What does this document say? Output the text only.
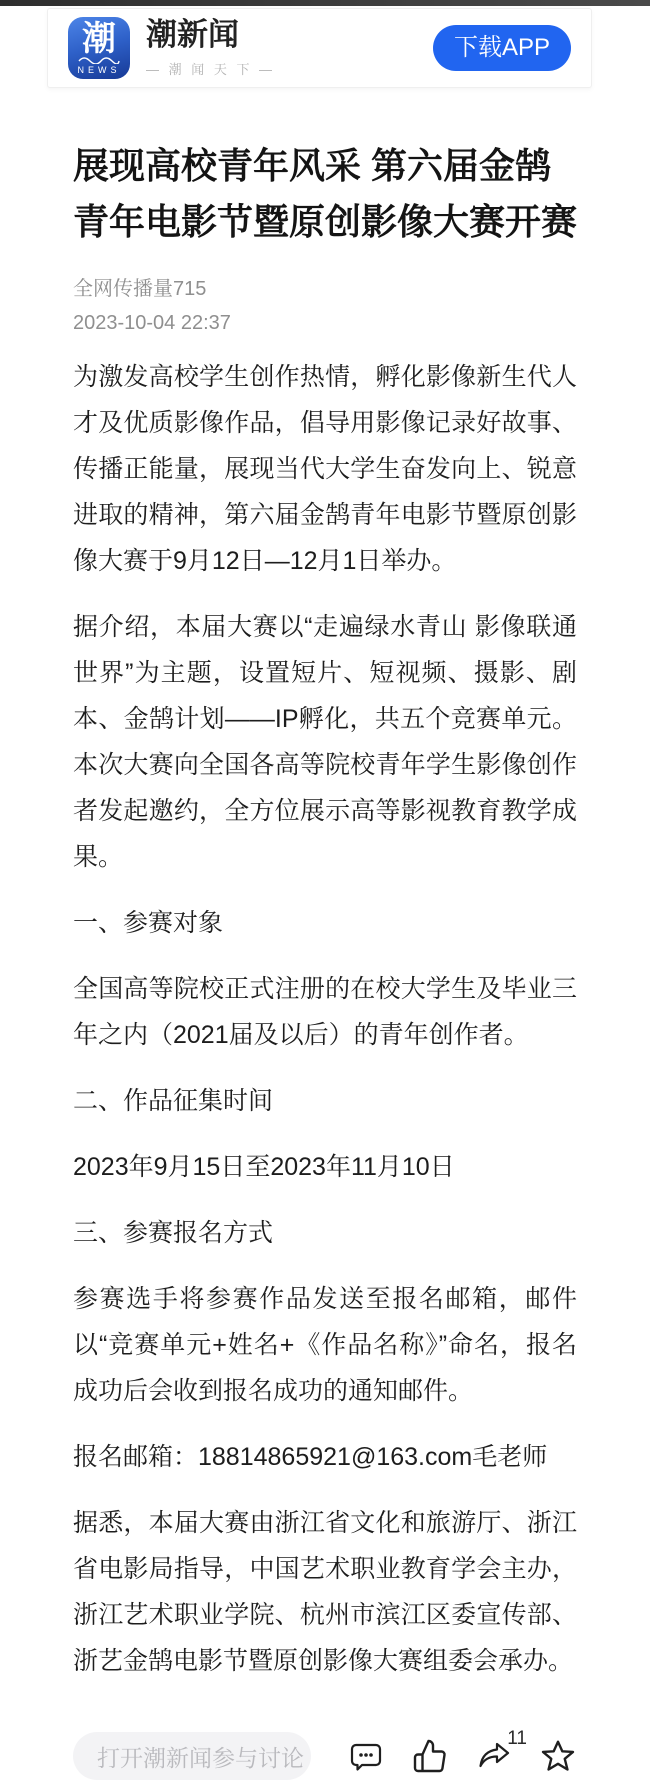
潮
NEWS
潮新闻
— 潮 闻 天 下 —
下载APP
展现高校青年风采 第六届金鹄青年电影节暨原创影像大赛开赛
全网传播量715
2023-10-04 22:37

为激发高校学生创作热情，孵化影像新生代人才及优质影像作品，倡导用影像记录好故事、传播正能量，展现当代大学生奋发向上、锐意进取的精神，第六届金鹄青年电影节暨原创影像大赛于9月12日—12月1日举办。

据介绍，本届大赛以“走遍绿水青山 影像联通世界”为主题，设置短片、短视频、摄影、剧本、金鹄计划——IP孵化，共五个竞赛单元。本次大赛向全国各高等院校青年学生影像创作者发起邀约，全方位展示高等影视教育教学成果。

一、参赛对象

全国高等院校正式注册的在校大学生及毕业三年之内（2021届及以后）的青年创作者。

二、作品征集时间

2023年9月15日至2023年11月10日

三、参赛报名方式

参赛选手将参赛作品发送至报名邮箱，邮件以“竞赛单元+姓名+《作品名称》”命名，报名成功后会收到报名成功的通知邮件。

报名邮箱：18814865921@163.com毛老师

据悉，本届大赛由浙江省文化和旅游厅、浙江省电影局指导，中国艺术职业教育学会主办，浙江艺术职业学院、杭州市滨江区委宣传部、浙艺金鹄电影节暨原创影像大赛组委会承办。

打开潮新闻参与讨论
11
